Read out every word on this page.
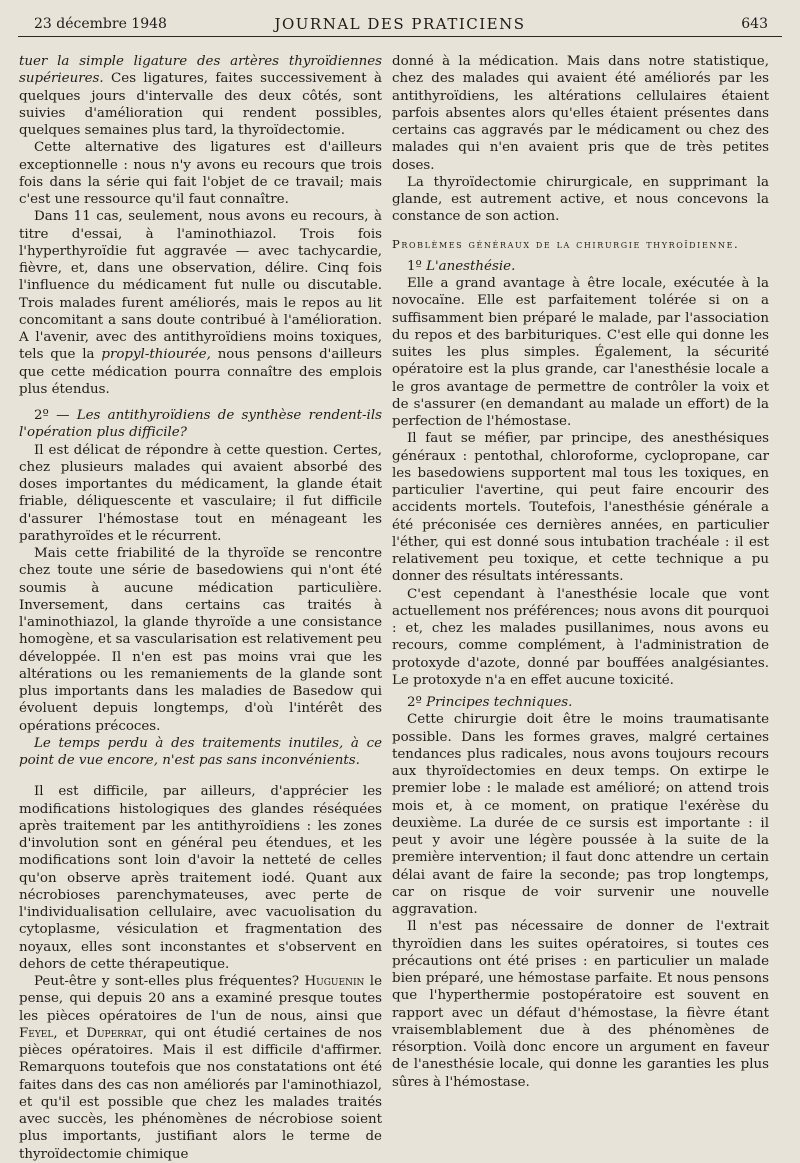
23 décembre 1948	JOURNAL DES PRATICIENS	643

tuer la simple ligature des artères thyroïdiennes supérieures. Ces ligatures, faites successivement à quelques jours d'intervalle des deux côtés, sont suivies d'amélioration qui rendent possibles, quelques semaines plus tard, la thyroïdectomie.

Cette alternative des ligatures est d'ailleurs exceptionnelle : nous n'y avons eu recours que trois fois dans la série qui fait l'objet de ce travail; mais c'est une ressource qu'il faut connaître.

Dans 11 cas, seulement, nous avons eu recours, à titre d'essai, à l'aminothiazol. Trois fois l'hyperthyroïdie fut aggravée — avec tachycardie, fièvre, et, dans une observation, délire. Cinq fois l'influence du médicament fut nulle ou discutable. Trois malades furent améliorés, mais le repos au lit concomitant a sans doute contribué à l'amélioration. A l'avenir, avec des antithyroïdiens moins toxiques, tels que la propyl-thiourée, nous pensons d'ailleurs que cette médication pourra connaître des emplois plus étendus.

2º — Les antithyroïdiens de synthèse rendent-ils l'opération plus difficile?

Il est délicat de répondre à cette question. Certes, chez plusieurs malades qui avaient absorbé des doses importantes du médicament, la glande était friable, déliquescente et vasculaire; il fut difficile d'assurer l'hémostase tout en ménageant les parathyroïdes et le récurrent.

Mais cette friabilité de la thyroïde se rencontre chez toute une série de basedowiens qui n'ont été soumis à aucune médication particulière. Inversement, dans certains cas traités à l'aminothiazol, la glande thyroïde a une consistance homogène, et sa vascularisation est relativement peu développée. Il n'en est pas moins vrai que les altérations ou les remaniements de la glande sont plus importants dans les maladies de Basedow qui évoluent depuis longtemps, d'où l'intérêt des opérations précoces.

Le temps perdu à des traitements inutiles, à ce point de vue encore, n'est pas sans inconvénients.

Il est difficile, par ailleurs, d'apprécier les modifications histologiques des glandes réséquées après traitement par les antithyroïdiens : les zones d'involution sont en général peu étendues, et les modifications sont loin d'avoir la netteté de celles qu'on observe après traitement iodé. Quant aux nécrobioses parenchymateuses, avec perte de l'individualisation cellulaire, avec vacuolisation du cytoplasme, vésiculation et fragmentation des noyaux, elles sont inconstantes et s'observent en dehors de cette thérapeutique.

Peut-être y sont-elles plus fréquentes? Huguenin le pense, qui depuis 20 ans a examiné presque toutes les pièces opératoires de l'un de nous, ainsi que Feyel, et Duperrat, qui ont étudié certaines de nos pièces opératoires. Mais il est difficile d'affirmer. Remarquons toutefois que nos constatations ont été faites dans des cas non améliorés par l'aminothiazol, et qu'il est possible que chez les malades traités avec succès, les phénomènes de nécrobiose soient plus importants, justifiant alors le terme de thyroïdectomie chimique

donné à la médication. Mais dans notre statistique, chez des malades qui avaient été améliorés par les antithyroïdiens, les altérations cellulaires étaient parfois absentes alors qu'elles étaient présentes dans certains cas aggravés par le médicament ou chez des malades qui n'en avaient pris que de très petites doses.

La thyroïdectomie chirurgicale, en supprimant la glande, est autrement active, et nous concevons la constance de son action.

Problèmes généraux de la chirurgie thyroïdienne.
1º L'anesthésie.

Elle a grand avantage à être locale, exécutée à la novocaïne. Elle est parfaitement tolérée si on a suffisamment bien préparé le malade, par l'association du repos et des barbituriques. C'est elle qui donne les suites les plus simples. Également, la sécurité opératoire est la plus grande, car l'anesthésie locale a le gros avantage de permettre de contrôler la voix et de s'assurer (en demandant au malade un effort) de la perfection de l'hémostase.

Il faut se méfier, par principe, des anesthésiques généraux : pentothal, chloroforme, cyclopropane, car les basedowiens supportent mal tous les toxiques, en particulier l'avertine, qui peut faire encourir des accidents mortels. Toutefois, l'anesthésie générale a été préconisée ces dernières années, en particulier l'éther, qui est donné sous intubation trachéale : il est relativement peu toxique, et cette technique a pu donner des résultats intéressants.

C'est cependant à l'anesthésie locale que vont actuellement nos préférences; nous avons dit pourquoi : et, chez les malades pusillanimes, nous avons eu recours, comme complément, à l'administration de protoxyde d'azote, donné par bouffées analgésiantes. Le protoxyde n'a en effet aucune toxicité.

2º Principes techniques.

Cette chirurgie doit être le moins traumatisante possible. Dans les formes graves, malgré certaines tendances plus radicales, nous avons toujours recours aux thyroïdectomies en deux temps. On extirpe le premier lobe : le malade est amélioré; on attend trois mois et, à ce moment, on pratique l'exérèse du deuxième. La durée de ce sursis est importante : il peut y avoir une légère poussée à la suite de la première intervention; il faut donc attendre un certain délai avant de faire la seconde; pas trop longtemps, car on risque de voir survenir une nouvelle aggravation.

Il n'est pas nécessaire de donner de l'extrait thyroïdien dans les suites opératoires, si toutes ces précautions ont été prises : en particulier un malade bien préparé, une hémostase parfaite. Et nous pensons que l'hyperthermie postopératoire est souvent en rapport avec un défaut d'hémostase, la fièvre étant vraisemblablement due à des phénomènes de résorption. Voilà donc encore un argument en faveur de l'anesthésie locale, qui donne les garanties les plus sûres à l'hémostase.
